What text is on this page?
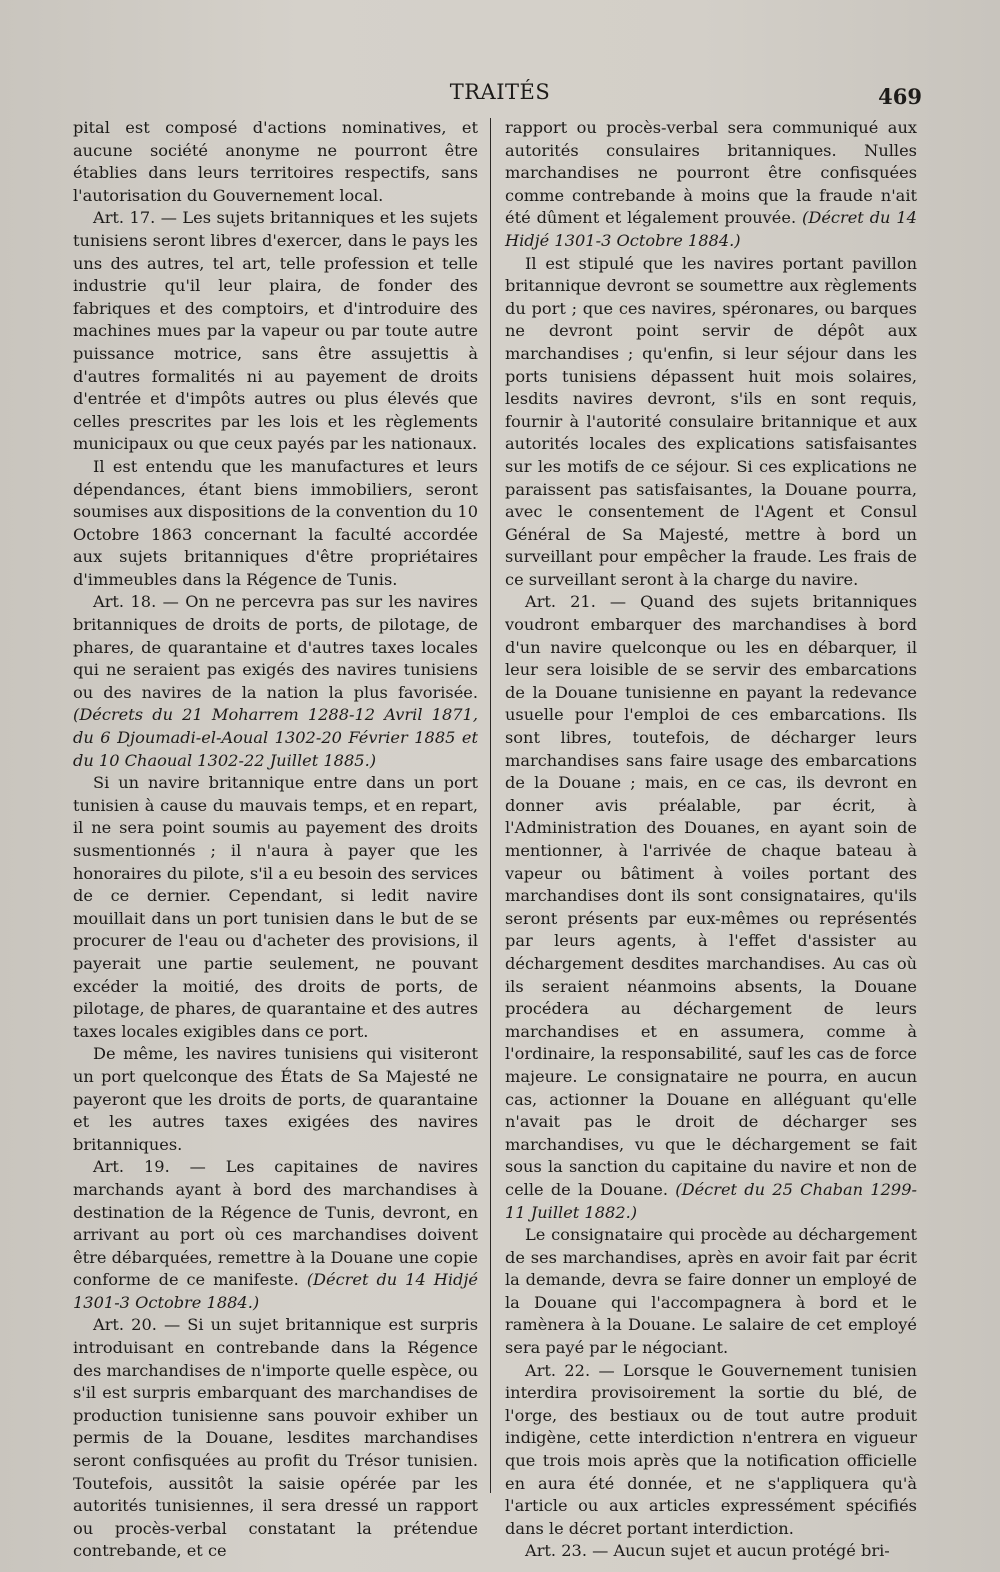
TRAITÉS	469

pital est composé d'actions nominatives, et aucune société anonyme ne pourront être établies dans leurs territoires respectifs, sans l'autorisation du Gouvernement local.

Art. 17. — Les sujets britanniques et les sujets tunisiens seront libres d'exercer, dans le pays les uns des autres, tel art, telle profession et telle industrie qu'il leur plaira, de fonder des fabriques et des comptoirs, et d'introduire des machines mues par la vapeur ou par toute autre puissance motrice, sans être assujettis à d'autres formalités ni au payement de droits d'entrée et d'impôts autres ou plus élevés que celles prescrites par les lois et les règlements municipaux ou que ceux payés par les nationaux.

Il est entendu que les manufactures et leurs dépendances, étant biens immobiliers, seront soumises aux dispositions de la convention du 10 Octobre 1863 concernant la faculté accordée aux sujets britanniques d'être propriétaires d'immeubles dans la Régence de Tunis.

Art. 18. — On ne percevra pas sur les navires britanniques de droits de ports, de pilotage, de phares, de quarantaine et d'autres taxes locales qui ne seraient pas exigés des navires tunisiens ou des navires de la nation la plus favorisée. (Décrets du 21 Moharrem 1288-12 Avril 1871, du 6 Djoumadi-el-Aoual 1302-20 Février 1885 et du 10 Chaoual 1302-22 Juillet 1885.)

Si un navire britannique entre dans un port tunisien à cause du mauvais temps, et en repart, il ne sera point soumis au payement des droits susmentionnés ; il n'aura à payer que les honoraires du pilote, s'il a eu besoin des services de ce dernier. Cependant, si ledit navire mouillait dans un port tunisien dans le but de se procurer de l'eau ou d'acheter des provisions, il payerait une partie seulement, ne pouvant excéder la moitié, des droits de ports, de pilotage, de phares, de quarantaine et des autres taxes locales exigibles dans ce port.

De même, les navires tunisiens qui visiteront un port quelconque des États de Sa Majesté ne payeront que les droits de ports, de quarantaine et les autres taxes exigées des navires britanniques.

Art. 19. — Les capitaines de navires marchands ayant à bord des marchandises à destination de la Régence de Tunis, devront, en arrivant au port où ces marchandises doivent être débarquées, remettre à la Douane une copie conforme de ce manifeste. (Décret du 14 Hidjé 1301-3 Octobre 1884.)

Art. 20. — Si un sujet britannique est surpris introduisant en contrebande dans la Régence des marchandises de n'importe quelle espèce, ou s'il est surpris embarquant des marchandises de production tunisienne sans pouvoir exhiber un permis de la Douane, lesdites marchandises seront confisquées au profit du Trésor tunisien. Toutefois, aussitôt la saisie opérée par les autorités tunisiennes, il sera dressé un rapport ou procès-verbal constatant la prétendue contrebande, et ce

rapport ou procès-verbal sera communiqué aux autorités consulaires britanniques. Nulles marchandises ne pourront être confisquées comme contrebande à moins que la fraude n'ait été dûment et légalement prouvée. (Décret du 14 Hidjé 1301-3 Octobre 1884.)

Il est stipulé que les navires portant pavillon britannique devront se soumettre aux règlements du port ; que ces navires, spéronares, ou barques ne devront point servir de dépôt aux marchandises ; qu'enfin, si leur séjour dans les ports tunisiens dépassent huit mois solaires, lesdits navires devront, s'ils en sont requis, fournir à l'autorité consulaire britannique et aux autorités locales des explications satisfaisantes sur les motifs de ce séjour. Si ces explications ne paraissent pas satisfaisantes, la Douane pourra, avec le consentement de l'Agent et Consul Général de Sa Majesté, mettre à bord un surveillant pour empêcher la fraude. Les frais de ce surveillant seront à la charge du navire.

Art. 21. — Quand des sujets britanniques voudront embarquer des marchandises à bord d'un navire quelconque ou les en débarquer, il leur sera loisible de se servir des embarcations de la Douane tunisienne en payant la redevance usuelle pour l'emploi de ces embarcations. Ils sont libres, toutefois, de décharger leurs marchandises sans faire usage des embarcations de la Douane ; mais, en ce cas, ils devront en donner avis préalable, par écrit, à l'Administration des Douanes, en ayant soin de mentionner, à l'arrivée de chaque bateau à vapeur ou bâtiment à voiles portant des marchandises dont ils sont consignataires, qu'ils seront présents par eux-mêmes ou représentés par leurs agents, à l'effet d'assister au déchargement desdites marchandises. Au cas où ils seraient néanmoins absents, la Douane procédera au déchargement de leurs marchandises et en assumera, comme à l'ordinaire, la responsabilité, sauf les cas de force majeure. Le consignataire ne pourra, en aucun cas, actionner la Douane en alléguant qu'elle n'avait pas le droit de décharger ses marchandises, vu que le déchargement se fait sous la sanction du capitaine du navire et non de celle de la Douane. (Décret du 25 Chaban 1299-11 Juillet 1882.)

Le consignataire qui procède au déchargement de ses marchandises, après en avoir fait par écrit la demande, devra se faire donner un employé de la Douane qui l'accompagnera à bord et le ramènera à la Douane. Le salaire de cet employé sera payé par le négociant.

Art. 22. — Lorsque le Gouvernement tunisien interdira provisoirement la sortie du blé, de l'orge, des bestiaux ou de tout autre produit indigène, cette interdiction n'entrera en vigueur que trois mois après que la notification officielle en aura été donnée, et ne s'appliquera qu'à l'article ou aux articles expressément spécifiés dans le décret portant interdiction.

Art. 23. — Aucun sujet et aucun protégé bri-
